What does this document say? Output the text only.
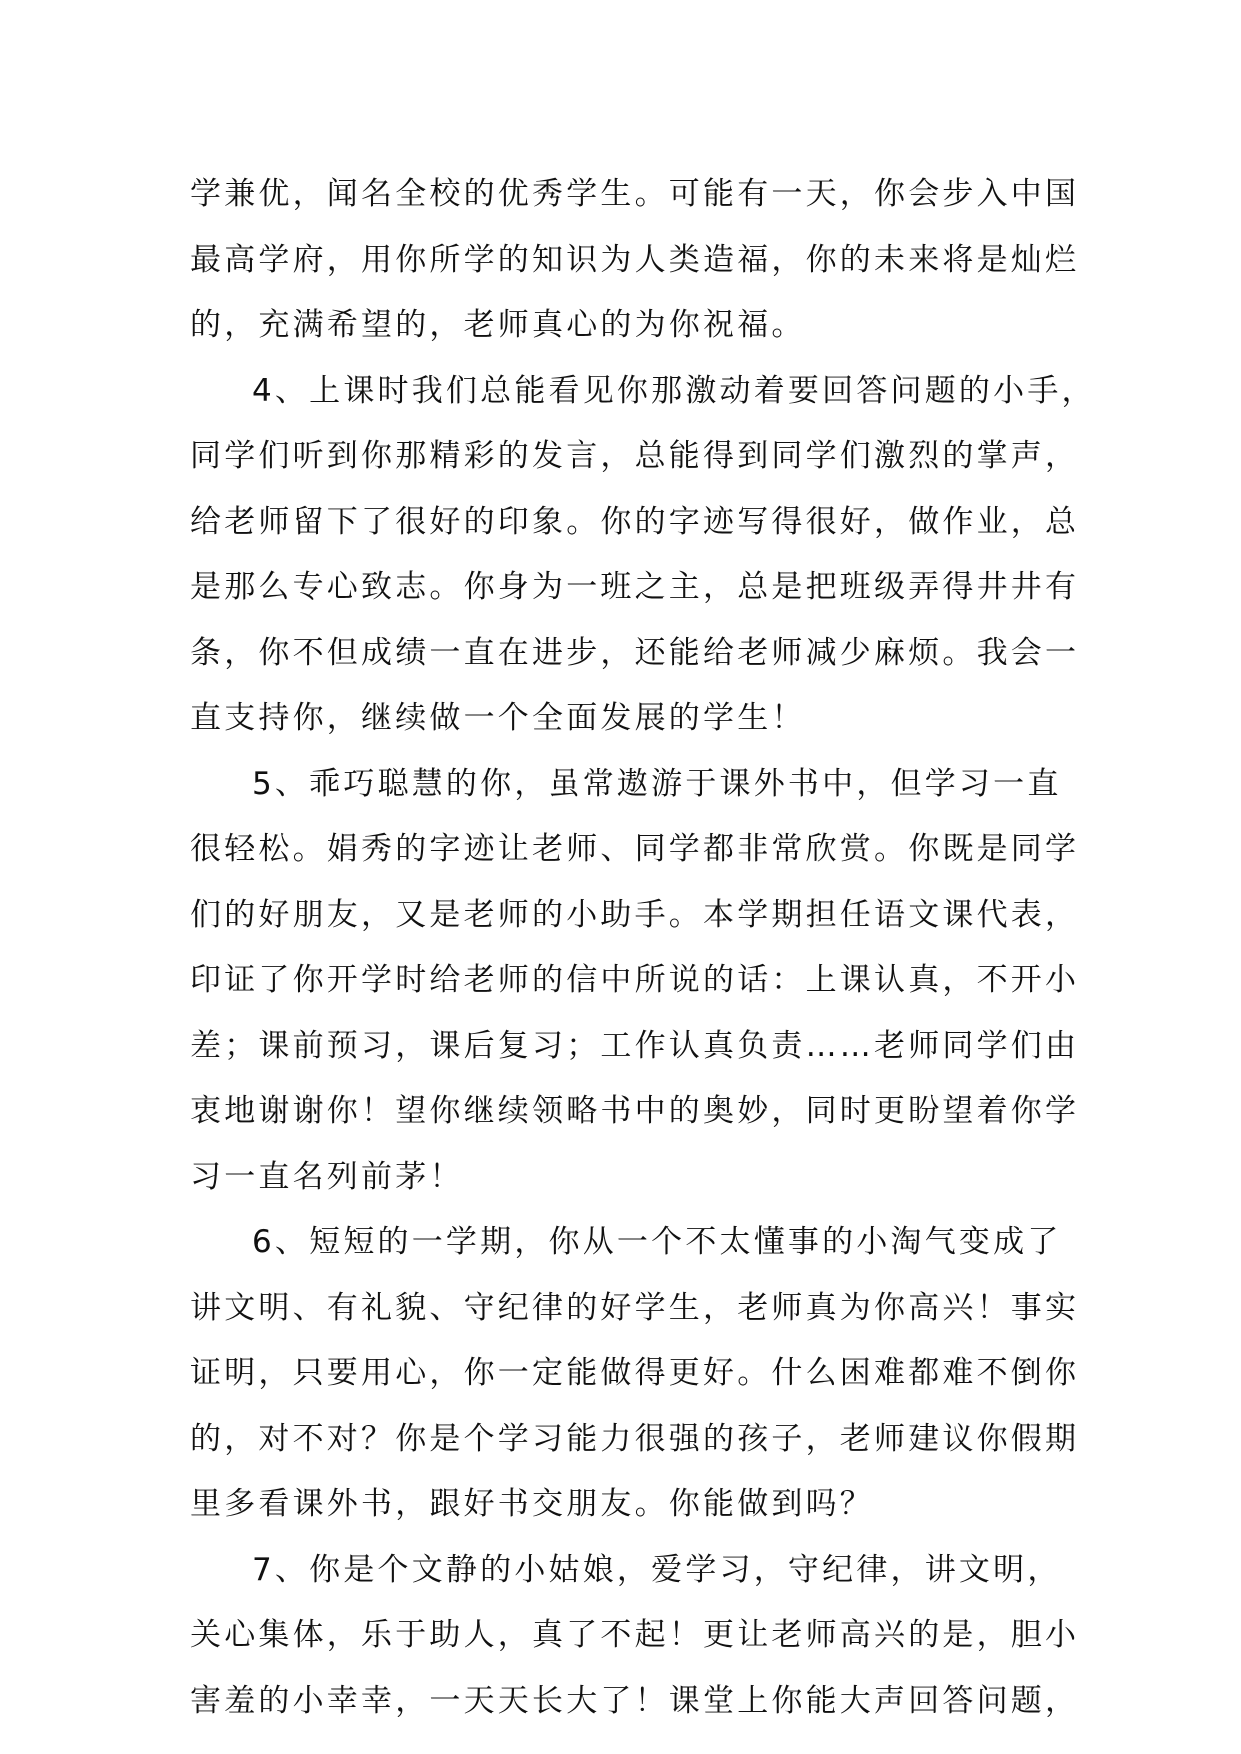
学兼优，闻名全校的优秀学生。可能有一天，你会步入中国
最高学府，用你所学的知识为人类造福，你的未来将是灿烂
的，充满希望的，老师真心的为你祝福。
4、上课时我们总能看见你那激动着要回答问题的小手，
同学们听到你那精彩的发言，总能得到同学们激烈的掌声，
给老师留下了很好的印象。你的字迹写得很好，做作业，总
是那么专心致志。你身为一班之主，总是把班级弄得井井有
条，你不但成绩一直在进步，还能给老师减少麻烦。我会一
直支持你，继续做一个全面发展的学生！
5、乖巧聪慧的你，虽常遨游于课外书中，但学习一直
很轻松。娟秀的字迹让老师、同学都非常欣赏。你既是同学
们的好朋友，又是老师的小助手。本学期担任语文课代表，
印证了你开学时给老师的信中所说的话：上课认真，不开小
差；课前预习，课后复习；工作认真负责……老师同学们由
衷地谢谢你！望你继续领略书中的奥妙，同时更盼望着你学
习一直名列前茅！
6、短短的一学期，你从一个不太懂事的小淘气变成了
讲文明、有礼貌、守纪律的好学生，老师真为你高兴！事实
证明，只要用心，你一定能做得更好。什么困难都难不倒你
的，对不对？你是个学习能力很强的孩子，老师建议你假期
里多看课外书，跟好书交朋友。你能做到吗？
7、你是个文静的小姑娘，爱学习，守纪律，讲文明，
关心集体，乐于助人，真了不起！更让老师高兴的是，胆小
害羞的小幸幸，一天天长大了！课堂上你能大声回答问题，
